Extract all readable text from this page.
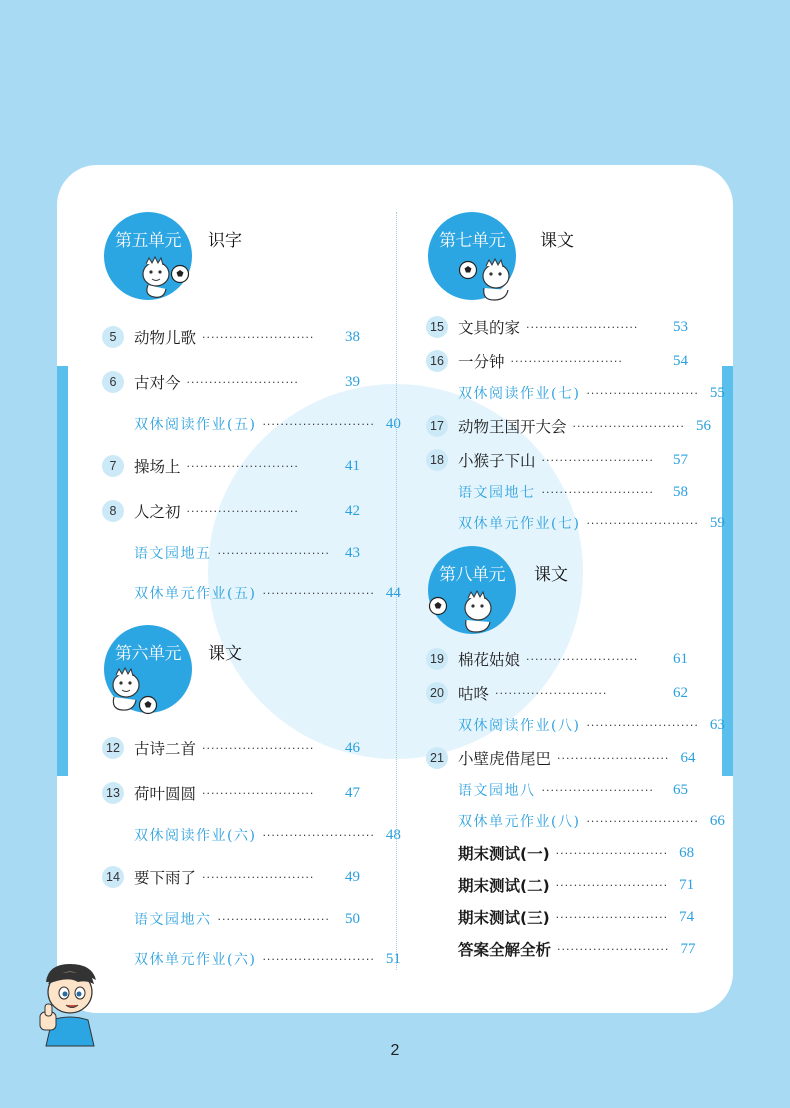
第五单元	识字
第六单元	课文
第七单元	课文
第八单元	课文
5	动物儿歌 ·························	38
6	古对今 ·························	39
双休阅读作业(五) ························· 40
7	操场上 ·························	41
8	人之初 ·························	42
语文园地五 ·························	43
双休单元作业(五) ························· 44
12 古诗二首 ·························	46
13 荷叶圆圆 ·························	47
双休阅读作业(六) ························· 48
14 要下雨了 ·························	49
语文园地六 ·························	50
双休单元作业(六) ························· 51
15 文具的家 ·························	53
16 一分钟 ·························	54
双休阅读作业(七) ························· 55
17 动物王国开大会 ························· 56
18 小猴子下山 ·························	57
语文园地七 ·························	58
双休单元作业(七) ························· 59
19 棉花姑娘 ·························	61
20 咕咚 ·························	62
双休阅读作业(八) ························· 63
21 小壁虎借尾巴 ························· 64
语文园地八 ·························	65
双休单元作业(八) ························· 66
期末测试(一) ························· 68
期末测试(二) ························· 71
期末测试(三) ························· 74
答案全解全析 ························· 77
2
